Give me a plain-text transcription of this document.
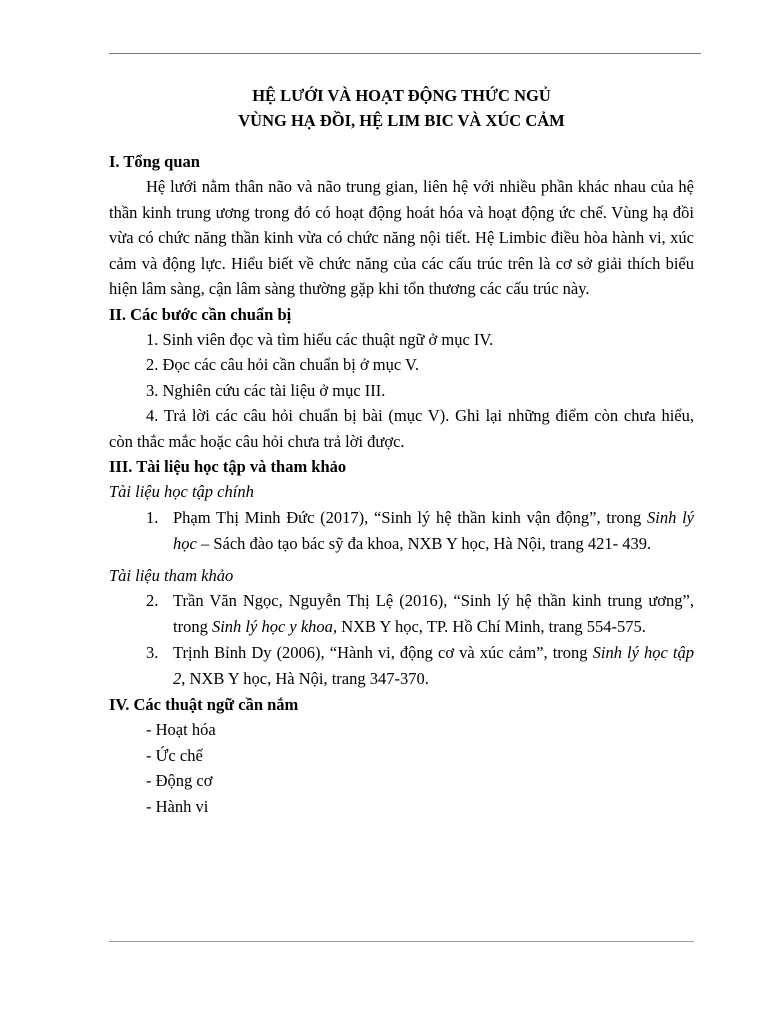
HỆ LƯỚI VÀ HOẠT ĐỘNG THỨC NGỦ
VÙNG HẠ ĐỒI, HỆ LIM BIC VÀ XÚC CẢM
I. Tổng quan
Hệ lưới nằm thân não và não trung gian, liên hệ với nhiều phần khác nhau của hệ thần kinh trung ương trong đó có hoạt động hoát hóa và hoạt động ức chế. Vùng hạ đồi vừa có chức năng thần kinh vừa có chức năng nội tiết. Hệ Limbic điều hòa hành vi, xúc cảm và động lực. Hiểu biết về chức năng của các cấu trúc trên là cơ sở giải thích biểu hiện lâm sàng, cận lâm sàng thường gặp khi tổn thương các cấu trúc này.
II. Các bước cần chuẩn bị
1. Sinh viên đọc và tìm hiểu các thuật ngữ ở mục IV.
2. Đọc các câu hỏi cần chuẩn bị ở mục V.
3. Nghiên cứu các tài liệu ở mục III.
4. Trả lời các câu hỏi chuẩn bị bài (mục V). Ghi lại những điểm còn chưa hiểu, còn thắc mắc hoặc câu hỏi chưa trả lời được.
III. Tài liệu học tập và tham khảo
Tài liệu học tập chính
1. Phạm Thị Minh Đức (2017), “Sinh lý hệ thần kinh vận động”, trong Sinh lý học – Sách đào tạo bác sỹ đa khoa, NXB Y học, Hà Nội, trang 421- 439.
Tài liệu tham khảo
2. Trần Văn Ngọc, Nguyễn Thị Lệ (2016), “Sinh lý hệ thần kinh trung ương”, trong Sinh lý học y khoa, NXB Y học, TP. Hồ Chí Minh, trang 554-575.
3. Trịnh Bỉnh Dy (2006), “Hành vi, động cơ và xúc cảm”, trong Sinh lý học tập 2, NXB Y học, Hà Nội, trang 347-370.
IV. Các thuật ngữ cần nắm
- Hoạt hóa
- Ức chế
- Động cơ
- Hành vi
